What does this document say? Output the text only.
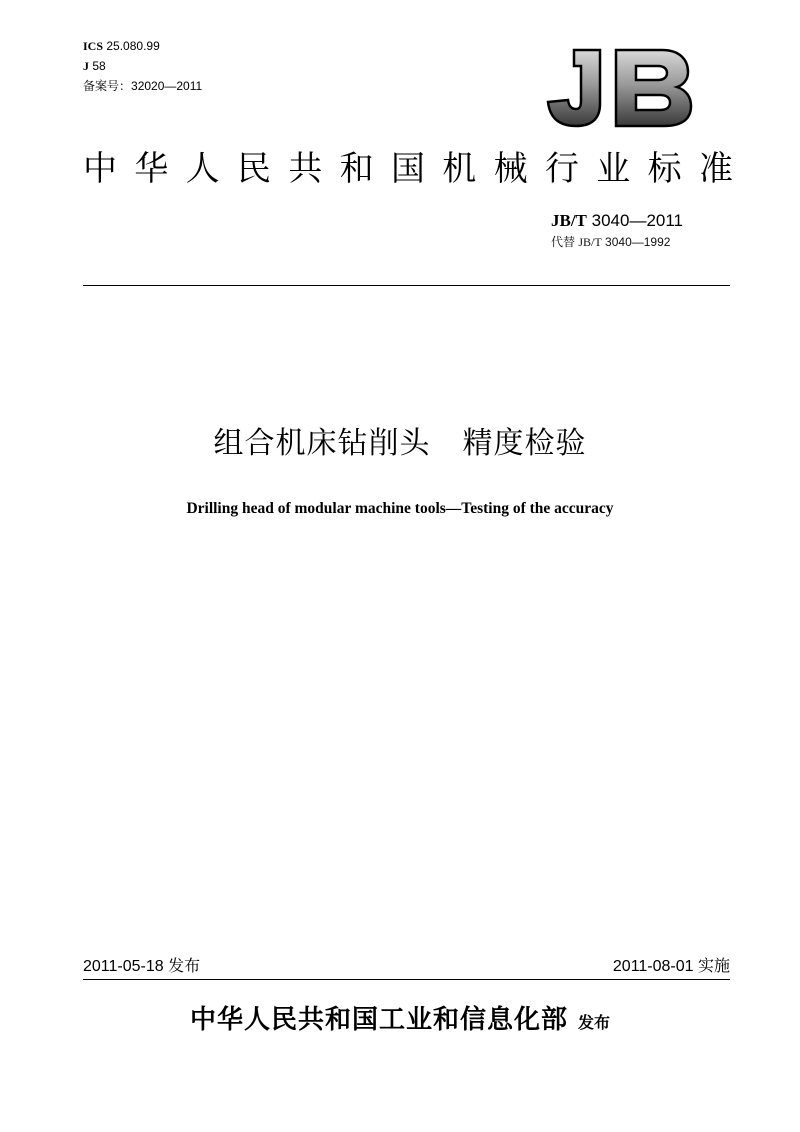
ICS 25.080.99
J 58
备案号：32020—2011
中 华 人 民 共 和 国 机 械 行 业 标 准
JB/T 3040—2011
代替 JB/T 3040—1992
组合机床钻削头 精度检验
Drilling head of modular machine tools—Testing of the accuracy
2011-05-18 发布	2011-08-01 实施
中华人民共和国工业和信息化部 发布
